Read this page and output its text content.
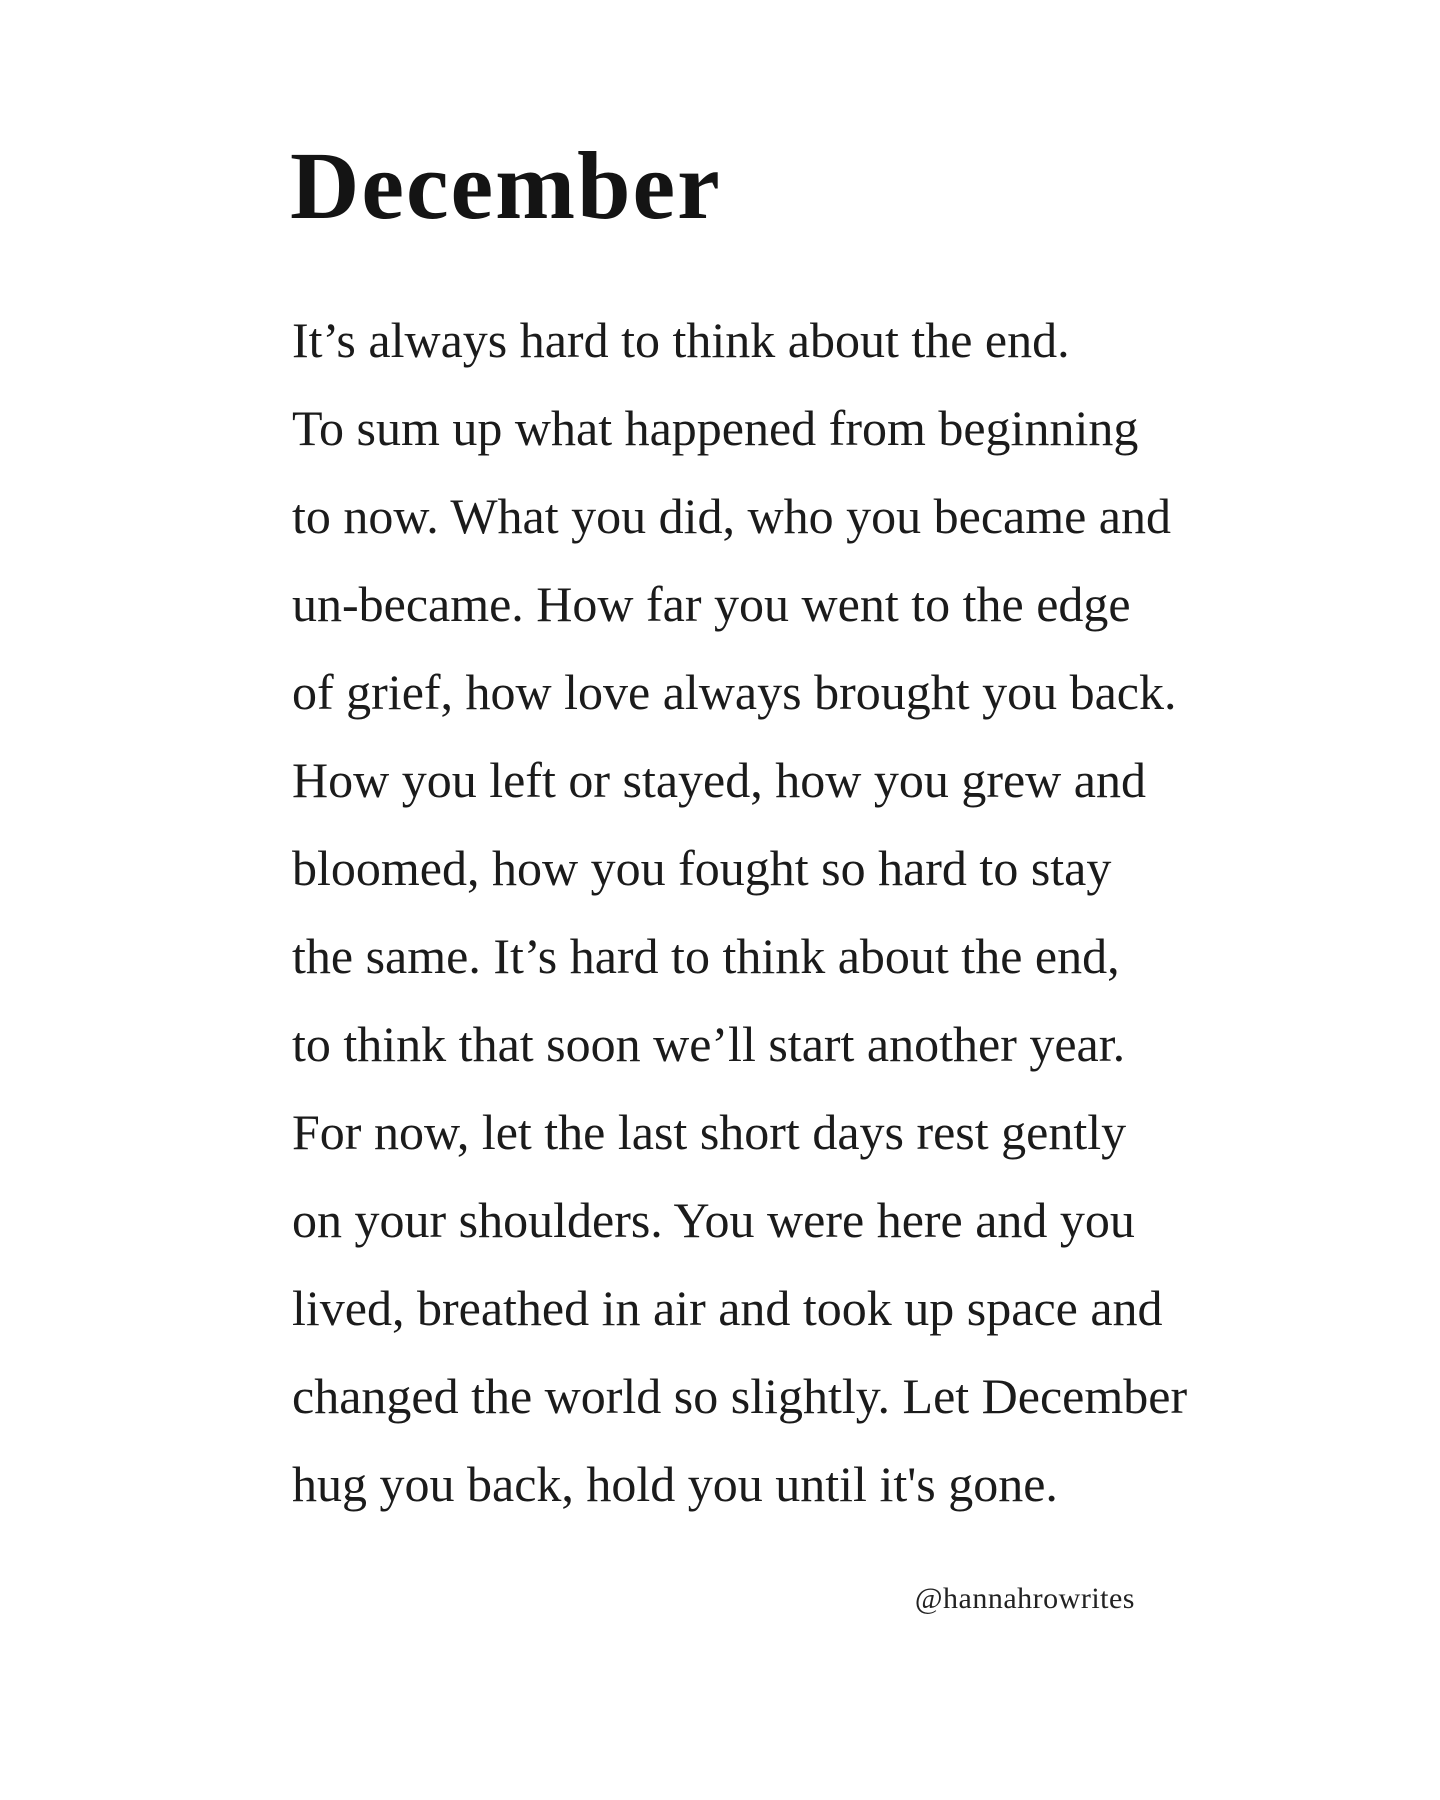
December
It’s always hard to think about the end.
To sum up what happened from beginning
to now. What you did, who you became and
un-became. How far you went to the edge
of grief, how love always brought you back.
How you left or stayed, how you grew and
bloomed, how you fought so hard to stay
the same. It’s hard to think about the end,
to think that soon we’ll start another year.
For now, let the last short days rest gently
on your shoulders. You were here and you
lived, breathed in air and took up space and
changed the world so slightly. Let December
hug you back, hold you until it's gone.

@hannahrowrites
